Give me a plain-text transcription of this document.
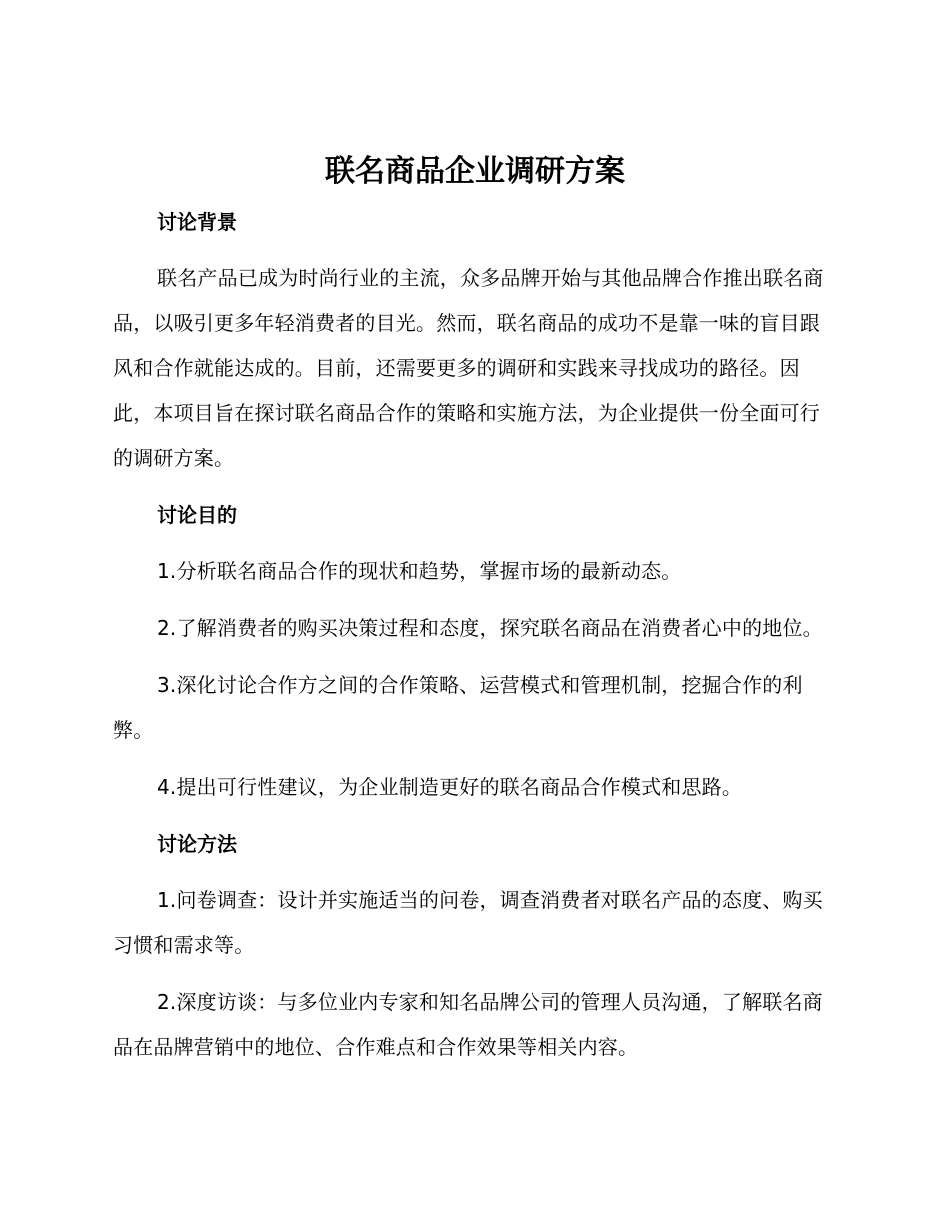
联名商品企业调研方案
讨论背景

联名产品已成为时尚行业的主流，众多品牌开始与其他品牌合作推出联名商品，以吸引更多年轻消费者的目光。然而，联名商品的成功不是靠一味的盲目跟风和合作就能达成的。目前，还需要更多的调研和实践来寻找成功的路径。因此，本项目旨在探讨联名商品合作的策略和实施方法，为企业提供一份全面可行的调研方案。

讨论目的

1.分析联名商品合作的现状和趋势，掌握市场的最新动态。

2.了解消费者的购买决策过程和态度，探究联名商品在消费者心中的地位。

3.深化讨论合作方之间的合作策略、运营模式和管理机制，挖掘合作的利弊。

4.提出可行性建议，为企业制造更好的联名商品合作模式和思路。

讨论方法

1.问卷调查：设计并实施适当的问卷，调查消费者对联名产品的态度、购买习惯和需求等。

2.深度访谈：与多位业内专家和知名品牌公司的管理人员沟通，了解联名商品在品牌营销中的地位、合作难点和合作效果等相关内容。
